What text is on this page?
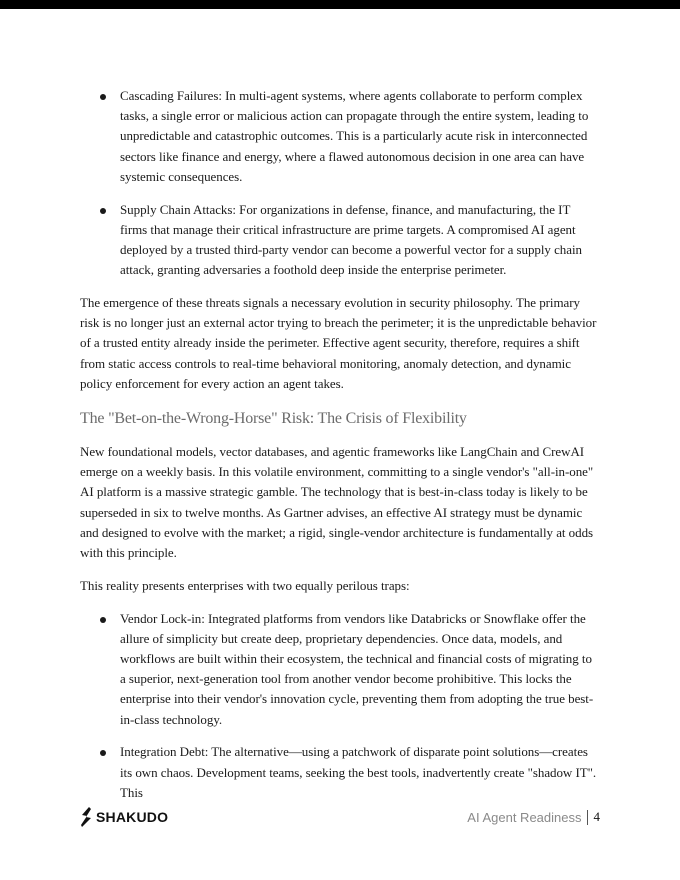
Cascading Failures: In multi-agent systems, where agents collaborate to perform complex tasks, a single error or malicious action can propagate through the entire system, leading to unpredictable and catastrophic outcomes. This is a particularly acute risk in interconnected sectors like finance and energy, where a flawed autonomous decision in one area can have systemic consequences.
Supply Chain Attacks: For organizations in defense, finance, and manufacturing, the IT firms that manage their critical infrastructure are prime targets. A compromised AI agent deployed by a trusted third-party vendor can become a powerful vector for a supply chain attack, granting adversaries a foothold deep inside the enterprise perimeter.

The emergence of these threats signals a necessary evolution in security philosophy. The primary risk is no longer just an external actor trying to breach the perimeter; it is the unpredictable behavior of a trusted entity already inside the perimeter. Effective agent security, therefore, requires a shift from static access controls to real-time behavioral monitoring, anomaly detection, and dynamic policy enforcement for every action an agent takes.

The "Bet-on-the-Wrong-Horse" Risk: The Crisis of Flexibility

New foundational models, vector databases, and agentic frameworks like LangChain and CrewAI emerge on a weekly basis. In this volatile environment, committing to a single vendor's "all-in-one" AI platform is a massive strategic gamble. The technology that is best-in-class today is likely to be superseded in six to twelve months. As Gartner advises, an effective AI strategy must be dynamic and designed to evolve with the market; a rigid, single-vendor architecture is fundamentally at odds with this principle.

This reality presents enterprises with two equally perilous traps:

Vendor Lock-in: Integrated platforms from vendors like Databricks or Snowflake offer the allure of simplicity but create deep, proprietary dependencies. Once data, models, and workflows are built within their ecosystem, the technical and financial costs of migrating to a superior, next-generation tool from another vendor become prohibitive. This locks the enterprise into their vendor's innovation cycle, preventing them from adopting the true best-in-class technology.
Integration Debt: The alternative—using a patchwork of disparate point solutions—creates its own chaos. Development teams, seeking the best tools, inadvertently create "shadow IT". This
SHAKUDO	AI Agent Readiness 4
